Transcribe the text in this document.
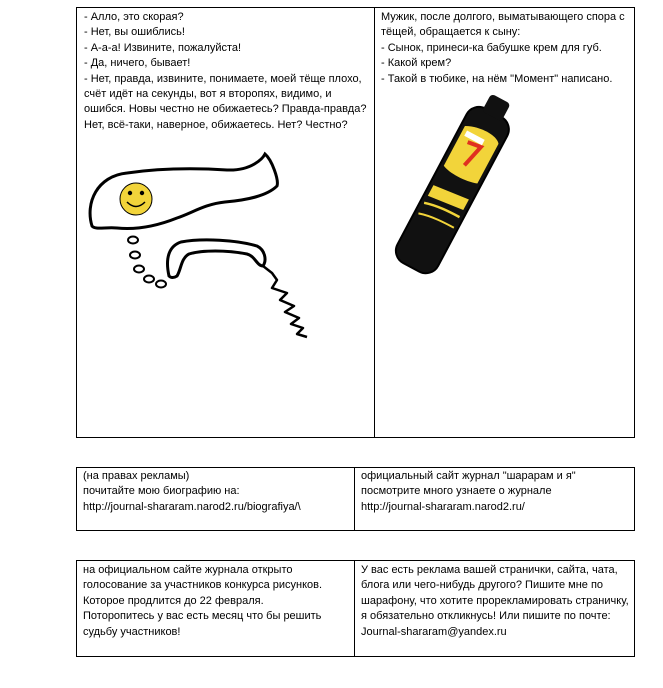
- Алло, это скорая?
- Нет, вы ошиблись!
- А-а-а! Извините, пожалуйста!
- Да, ничего, бывает!
- Нет, правда, извините, понимаете, моей тёще плохо, счёт идёт на секунды, вот я второпях, видимо, и ошибся. Новы честно не обижаетесь? Правда-правда? Нет, всё-таки, наверное, обижаетесь. Нет? Честно?
Мужик, после долгого, выматывающего спора с тёщей, обращается к сыну:
- Сынок, принеси-ка бабушке крем для губ.
- Какой крем?
- Такой в тюбике, на нём "Момент" написано.
(на правах рекламы)
почитайте мою биографию на:
http://journal-shararam.narod2.ru/biografiya/\
официальный сайт журнал "шарарам и я"
посмотрите много узнаете о журнале
http://journal-shararam.narod2.ru/
на официальном сайте журнала открыто голосование за участников конкурса рисунков. Которое продлится до 22 февраля.
Поторопитесь у вас есть месяц что бы решить судьбу участников!
У вас есть реклама вашей странички, сайта, чата, блога или чего-нибудь другого? Пишите мне по шарафону, что хотите прорекламировать страничку, я обязательно откликнусь! Или пишите по почте: Journal-shararam@yandex.ru
